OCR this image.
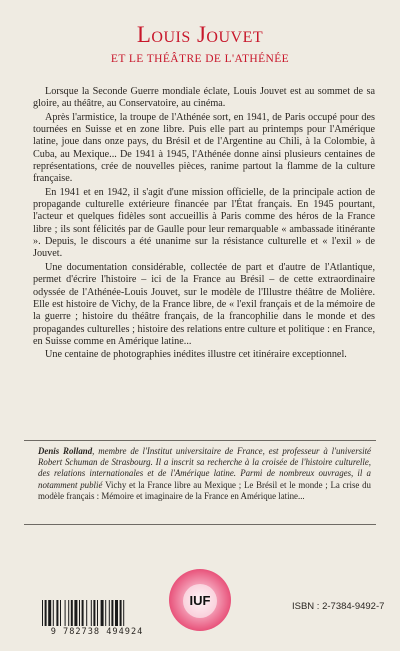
Louis Jouvet
ET LE THÉÂTRE DE L'ATHÉNÉE

Lorsque la Seconde Guerre mondiale éclate, Louis Jouvet est au sommet de sa gloire, au théâtre, au Conservatoire, au cinéma.

Après l'armistice, la troupe de l'Athénée sort, en 1941, de Paris occupé pour des tournées en Suisse et en zone libre. Puis elle part au printemps pour l'Amérique latine, joue dans onze pays, du Brésil et de l'Argentine au Chili, à la Colombie, à Cuba, au Mexique... De 1941 à 1945, l'Athénée donne ainsi plusieurs centaines de représentations, crée de nouvelles pièces, ranime partout la flamme de la culture française.

En 1941 et en 1942, il s'agit d'une mission officielle, de la principale action de propagande culturelle extérieure financée par l'État français. En 1945 pourtant, l'acteur et quelques fidèles sont accueillis à Paris comme des héros de la France libre ; ils sont félicités par de Gaulle pour leur remarquable « ambassade itinérante ». Depuis, le discours a été unanime sur la résistance culturelle et « l'exil » de Jouvet.

Une documentation considérable, collectée de part et d'autre de l'Atlantique, permet d'écrire l'histoire – ici de la France au Brésil – de cette extraordinaire odyssée de l'Athénée-Louis Jouvet, sur le modèle de l'Illustre théâtre de Molière. Elle est histoire de Vichy, de la France libre, de « l'exil français et de la mémoire de la guerre ; histoire du théâtre français, de la francophilie dans le monde et des propagandes culturelles ; histoire des relations entre culture et politique : en France, en Suisse comme en Amérique latine...

Une centaine de photographies inédites illustre cet itinéraire exceptionnel.

Denis Rolland, membre de l'Institut universitaire de France, est professeur à l'université Robert Schuman de Strasbourg. Il a inscrit sa recherche à la croisée de l'histoire culturelle, des relations internationales et de l'Amérique latine. Parmi de nombreux ouvrages, il a notamment publié Vichy et la France libre au Mexique ; Le Brésil et le monde ; La crise du modèle français : Mémoire et imaginaire de la France en Amérique latine...
9 782738 494924
IUF	ISBN : 2-7384-9492-7
